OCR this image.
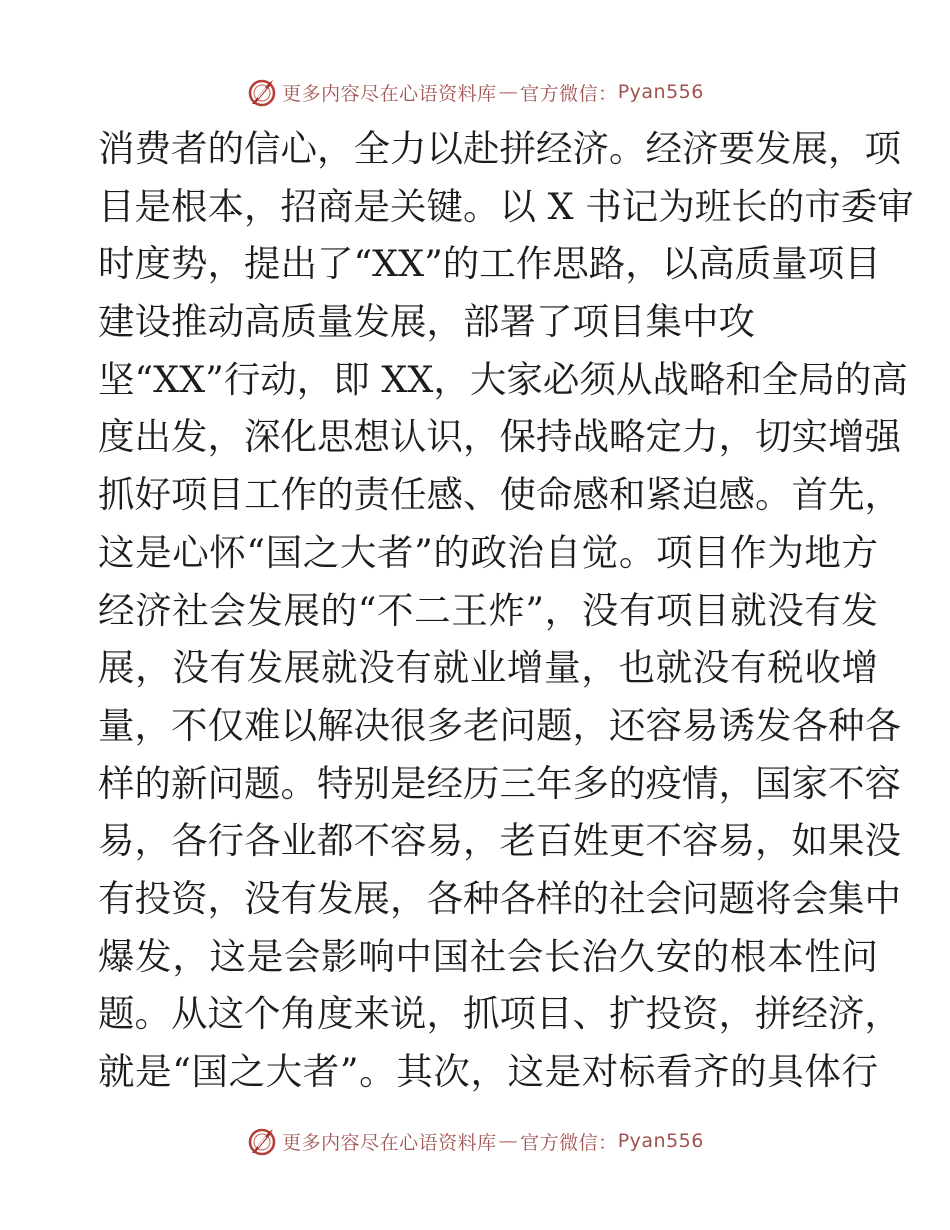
更多内容尽在心语资料库 — 官方微信： Pyan556
消费者的信心，全力以赴拼经济。经济要发展，项
目是根本，招商是关键。以 X 书记为班长的市委审
时度势，提出了“XX”的工作思路，以高质量项目
建设推动高质量发展，部署了项目集中攻
坚“XX”行动，即 XX，大家必须从战略和全局的高
度出发，深化思想认识，保持战略定力，切实增强
抓好项目工作的责任感、使命感和紧迫感。首先，
这是心怀“国之大者”的政治自觉。项目作为地方
经济社会发展的“不二王炸”，没有项目就没有发
展，没有发展就没有就业增量，也就没有税收增
量，不仅难以解决很多老问题，还容易诱发各种各
样的新问题。特别是经历三年多的疫情，国家不容
易，各行各业都不容易，老百姓更不容易，如果没
有投资，没有发展，各种各样的社会问题将会集中
爆发，这是会影响中国社会长治久安的根本性问
题。从这个角度来说，抓项目、扩投资，拼经济，
就是“国之大者”。其次，这是对标看齐的具体行
更多内容尽在心语资料库 — 官方微信： Pyan556
